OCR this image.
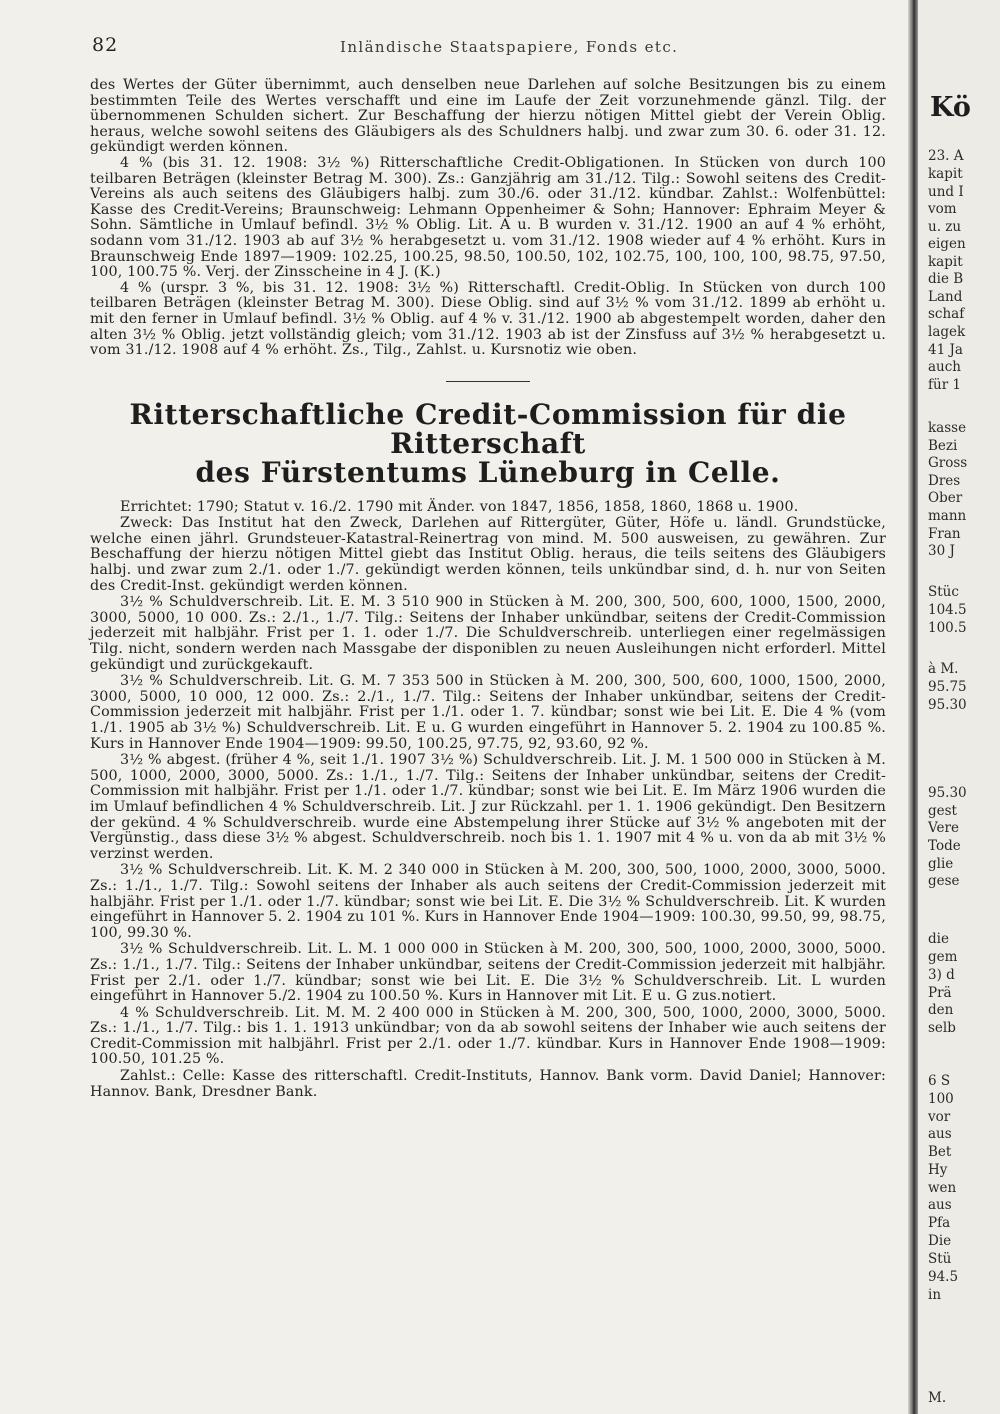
82	Inländische Staatspapiere, Fonds etc.

des Wertes der Güter übernimmt, auch denselben neue Darlehen auf solche Besitzungen bis zu einem bestimmten Teile des Wertes verschafft und eine im Laufe der Zeit vorzunehmende gänzl. Tilg. der übernommenen Schulden sichert. Zur Beschaffung der hierzu nötigen Mittel giebt der Verein Oblig. heraus, welche sowohl seitens des Gläubigers als des Schuldners halbj. und zwar zum 30. 6. oder 31. 12. gekündigt werden können.

4 % (bis 31. 12. 1908: 3½ %) Ritterschaftliche Credit-Obligationen. In Stücken von durch 100 teilbaren Beträgen (kleinster Betrag M. 300). Zs.: Ganzjährig am 31./12. Tilg.: Sowohl seitens des Credit-Vereins als auch seitens des Gläubigers halbj. zum 30./6. oder 31./12. kündbar. Zahlst.: Wolfenbüttel: Kasse des Credit-Vereins; Braunschweig: Lehmann Oppenheimer & Sohn; Hannover: Ephraim Meyer & Sohn. Sämtliche in Umlauf befindl. 3½ % Oblig. Lit. A u. B wurden v. 31./12. 1900 an auf 4 % erhöht, sodann vom 31./12. 1903 ab auf 3½ % herabgesetzt u. vom 31./12. 1908 wieder auf 4 % erhöht. Kurs in Braunschweig Ende 1897—1909: 102.25, 100.25, 98.50, 100.50, 102, 102.75, 100, 100, 100, 98.75, 97.50, 100, 100.75 %. Verj. der Zinsscheine in 4 J. (K.)

4 % (urspr. 3 %, bis 31. 12. 1908: 3½ %) Ritterschaftl. Credit-Oblig. In Stücken von durch 100 teilbaren Beträgen (kleinster Betrag M. 300). Diese Oblig. sind auf 3½ % vom 31./12. 1899 ab erhöht u. mit den ferner in Umlauf befindl. 3½ % Oblig. auf 4 % v. 31./12. 1900 ab abgestempelt worden, daher den alten 3½ % Oblig. jetzt vollständig gleich; vom 31./12. 1903 ab ist der Zinsfuss auf 3½ % herabgesetzt u. vom 31./12. 1908 auf 4 % erhöht. Zs., Tilg., Zahlst. u. Kursnotiz wie oben.

Ritterschaftliche Credit-Commission für die Ritterschaft
des Fürstentums Lüneburg in Celle.

Errichtet: 1790; Statut v. 16./2. 1790 mit Änder. von 1847, 1856, 1858, 1860, 1868 u. 1900.

Zweck: Das Institut hat den Zweck, Darlehen auf Rittergüter, Güter, Höfe u. ländl. Grundstücke, welche einen jährl. Grundsteuer-Katastral-Reinertrag von mind. M. 500 ausweisen, zu gewähren. Zur Beschaffung der hierzu nötigen Mittel giebt das Institut Oblig. heraus, die teils seitens des Gläubigers halbj. und zwar zum 2./1. oder 1./7. gekündigt werden können, teils unkündbar sind, d. h. nur von Seiten des Credit-Inst. gekündigt werden können.

3½ % Schuldverschreib. Lit. E. M. 3 510 900 in Stücken à M. 200, 300, 500, 600, 1000, 1500, 2000, 3000, 5000, 10 000. Zs.: 2./1., 1./7. Tilg.: Seitens der Inhaber unkündbar, seitens der Credit-Commission jederzeit mit halbjähr. Frist per 1. 1. oder 1./7. Die Schuldverschreib. unterliegen einer regelmässigen Tilg. nicht, sondern werden nach Massgabe der disponiblen zu neuen Ausleihungen nicht erforderl. Mittel gekündigt und zurückgekauft.

3½ % Schuldverschreib. Lit. G. M. 7 353 500 in Stücken à M. 200, 300, 500, 600, 1000, 1500, 2000, 3000, 5000, 10 000, 12 000. Zs.: 2./1., 1./7. Tilg.: Seitens der Inhaber unkündbar, seitens der Credit-Commission jederzeit mit halbjähr. Frist per 1./1. oder 1. 7. kündbar; sonst wie bei Lit. E. Die 4 % (vom 1./1. 1905 ab 3½ %) Schuldverschreib. Lit. E u. G wurden eingeführt in Hannover 5. 2. 1904 zu 100.85 %. Kurs in Hannover Ende 1904—1909: 99.50, 100.25, 97.75, 92, 93.60, 92 %.

3½ % abgest. (früher 4 %, seit 1./1. 1907 3½ %) Schuldverschreib. Lit. J. M. 1 500 000 in Stücken à M. 500, 1000, 2000, 3000, 5000. Zs.: 1./1., 1./7. Tilg.: Seitens der Inhaber unkündbar, seitens der Credit-Commission mit halbjähr. Frist per 1./1. oder 1./7. kündbar; sonst wie bei Lit. E. Im März 1906 wurden die im Umlauf befindlichen 4 % Schuldverschreib. Lit. J zur Rückzahl. per 1. 1. 1906 gekündigt. Den Besitzern der gekünd. 4 % Schuldverschreib. wurde eine Abstempelung ihrer Stücke auf 3½ % angeboten mit der Vergünstig., dass diese 3½ % abgest. Schuldverschreib. noch bis 1. 1. 1907 mit 4 % u. von da ab mit 3½ % verzinst werden.

3½ % Schuldverschreib. Lit. K. M. 2 340 000 in Stücken à M. 200, 300, 500, 1000, 2000, 3000, 5000. Zs.: 1./1., 1./7. Tilg.: Sowohl seitens der Inhaber als auch seitens der Credit-Commission jederzeit mit halbjähr. Frist per 1./1. oder 1./7. kündbar; sonst wie bei Lit. E. Die 3½ % Schuldverschreib. Lit. K wurden eingeführt in Hannover 5. 2. 1904 zu 101 %. Kurs in Hannover Ende 1904—1909: 100.30, 99.50, 99, 98.75, 100, 99.30 %.

3½ % Schuldverschreib. Lit. L. M. 1 000 000 in Stücken à M. 200, 300, 500, 1000, 2000, 3000, 5000. Zs.: 1./1., 1./7. Tilg.: Seitens der Inhaber unkündbar, seitens der Credit-Commission jederzeit mit halbjähr. Frist per 2./1. oder 1./7. kündbar; sonst wie bei Lit. E. Die 3½ % Schuldverschreib. Lit. L wurden eingeführt in Hannover 5./2. 1904 zu 100.50 %. Kurs in Hannover mit Lit. E u. G zus.notiert.

4 % Schuldverschreib. Lit. M. M. 2 400 000 in Stücken à M. 200, 300, 500, 1000, 2000, 3000, 5000. Zs.: 1./1., 1./7. Tilg.: bis 1. 1. 1913 unkündbar; von da ab sowohl seitens der Inhaber wie auch seitens der Credit-Commission mit halbjährl. Frist per 2./1. oder 1./7. kündbar. Kurs in Hannover Ende 1908—1909: 100.50, 101.25 %.

Zahlst.: Celle: Kasse des ritterschaftl. Credit-Instituts, Hannov. Bank vorm. David Daniel; Hannover: Hannov. Bank, Dresdner Bank.

Kö
23. A
kapit
und I
vom
u. zu
eigen
kapit
die B
Land
schaf
lagek
41 Ja
auch
für 1
kasse
Bezi
Gross
Dres
Ober
mann
Fran
30 J
Stüc
104.5
100.5
à M.
95.75
95.30
95.30
gest
Vere
Tode
glie
gese
die
gem
3) d
Prä
den
selb
6 S
100
vor
aus
Bet
Hy
wen
aus
Pfa
Die
Stü
94.5
in
M.
